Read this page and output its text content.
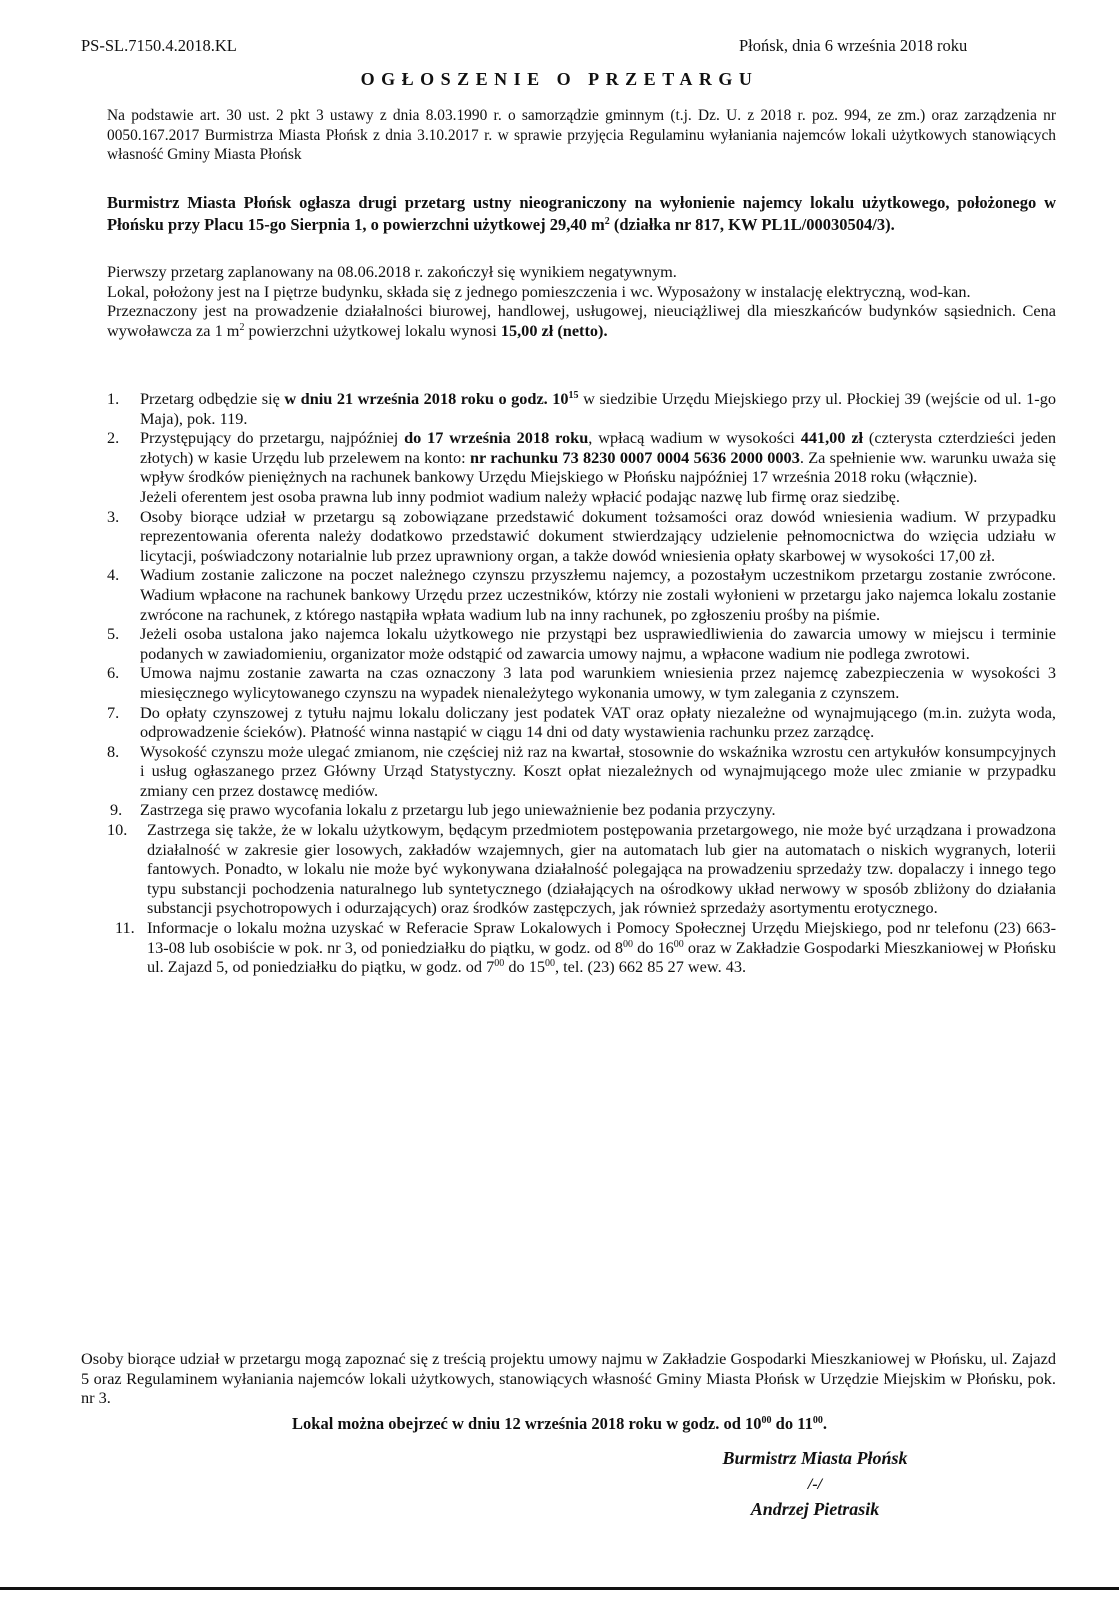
PS-SL.7150.4.2018.KL	Płońsk, dnia 6 września 2018 roku
OGŁOSZENIE O PRZETARGU
Na podstawie art. 30 ust. 2 pkt 3 ustawy z dnia 8.03.1990 r. o samorządzie gminnym (t.j. Dz. U. z 2018 r. poz. 994, ze zm.) oraz zarządzenia nr 0050.167.2017 Burmistrza Miasta Płońsk z dnia 3.10.2017 r. w sprawie przyjęcia Regulaminu wyłaniania najemców lokali użytkowych stanowiących własność Gminy Miasta Płońsk
Burmistrz Miasta Płońsk ogłasza drugi przetarg ustny nieograniczony na wyłonienie najemcy lokalu użytkowego, położonego w Płońsku przy Placu 15-go Sierpnia 1, o powierzchni użytkowej 29,40 $m^2$ (działka nr 817, KW PL1L/00030504/3).

Pierwszy przetarg zaplanowany na 08.06.2018 r. zakończył się wynikiem negatywnym.

Lokal, położony jest na I piętrze budynku, składa się z jednego pomieszczenia i wc. Wyposażony w instalację elektryczną, wod-kan.

Przeznaczony jest na prowadzenie działalności biurowej, handlowej, usługowej, nieuciążliwej dla mieszkańców budynków sąsiednich. Cena wywoławcza za 1 $m^2$ powierzchni użytkowej lokalu wynosi 15,00 zł (netto).

1. Przetarg odbędzie się w dniu 21 września 2018 roku o godz. $10^{15}$ w siedzibie Urzędu Miejskiego przy ul. Płockiej 39 (wejście od ul. 1-go Maja), pok. 119.
2. Przystępujący do przetargu, najpóźniej do 17 września 2018 roku, wpłacą wadium w wysokości 441,00 zł (czterysta czterdzieści jeden złotych) w kasie Urzędu lub przelewem na konto: nr rachunku 73 8230 0007 0004 5636 2000 0003. Za spełnienie ww. warunku uważa się wpływ środków pieniężnych na rachunek bankowy Urzędu Miejskiego w Płońsku najpóźniej 17 września 2018 roku (włącznie).
Jeżeli oferentem jest osoba prawna lub inny podmiot wadium należy wpłacić podając nazwę lub firmę oraz siedzibę.
3. Osoby biorące udział w przetargu są zobowiązane przedstawić dokument tożsamości oraz dowód wniesienia wadium. W przypadku reprezentowania oferenta należy dodatkowo przedstawić dokument stwierdzający udzielenie pełnomocnictwa do wzięcia udziału w licytacji, poświadczony notarialnie lub przez uprawniony organ, a także dowód wniesienia opłaty skarbowej w wysokości 17,00 zł.
4. Wadium zostanie zaliczone na poczet należnego czynszu przyszłemu najemcy, a pozostałym uczestnikom przetargu zostanie zwrócone. Wadium wpłacone na rachunek bankowy Urzędu przez uczestników, którzy nie zostali wyłonieni w przetargu jako najemca lokalu zostanie zwrócone na rachunek, z którego nastąpiła wpłata wadium lub na inny rachunek, po zgłoszeniu prośby na piśmie.
5. Jeżeli osoba ustalona jako najemca lokalu użytkowego nie przystąpi bez usprawiedliwienia do zawarcia umowy w miejscu i terminie podanych w zawiadomieniu, organizator może odstąpić od zawarcia umowy najmu, a wpłacone wadium nie podlega zwrotowi.
6. Umowa najmu zostanie zawarta na czas oznaczony 3 lata pod warunkiem wniesienia przez najemcę zabezpieczenia w wysokości 3 miesięcznego wylicytowanego czynszu na wypadek nienależytego wykonania umowy, w tym zalegania z czynszem.
7. Do opłaty czynszowej z tytułu najmu lokalu doliczany jest podatek VAT oraz opłaty niezależne od wynajmującego (m.in. zużyta woda, odprowadzenie ścieków). Płatność winna nastąpić w ciągu 14 dni od daty wystawienia rachunku przez zarządcę.
8. Wysokość czynszu może ulegać zmianom, nie częściej niż raz na kwartał, stosownie do wskaźnika wzrostu cen artykułów konsumpcyjnych i usług ogłaszanego przez Główny Urząd Statystyczny. Koszt opłat niezależnych od wynajmującego może ulec zmianie w przypadku zmiany cen przez dostawcę mediów.
9. Zastrzega się prawo wycofania lokalu z przetargu lub jego unieważnienie bez podania przyczyny.
10. Zastrzega się także, że w lokalu użytkowym, będącym przedmiotem postępowania przetargowego, nie może być urządzana i prowadzona działalność w zakresie gier losowych, zakładów wzajemnych, gier na automatach lub gier na automatach o niskich wygranych, loterii fantowych. Ponadto, w lokalu nie może być wykonywana działalność polegająca na prowadzeniu sprzedaży tzw. dopalaczy i innego tego typu substancji pochodzenia naturalnego lub syntetycznego (działających na ośrodkowy układ nerwowy w sposób zbliżony do działania substancji psychotropowych i odurzających) oraz środków zastępczych, jak również sprzedaży asortymentu erotycznego.
11. Informacje o lokalu można uzyskać w Referacie Spraw Lokalowych i Pomocy Społecznej Urzędu Miejskiego, pod nr telefonu (23) 663-13-08 lub osobiście w pok. nr 3, od poniedziałku do piątku, w godz. od $8^{00}$ do $16^{00}$ oraz w Zakładzie Gospodarki Mieszkaniowej w Płońsku ul. Zajazd 5, od poniedziałku do piątku, w godz. od $7^{00}$ do $15^{00}$, tel. (23) 662 85 27 wew. 43.
Osoby biorące udział w przetargu mogą zapoznać się z treścią projektu umowy najmu w Zakładzie Gospodarki Mieszkaniowej w Płońsku, ul. Zajazd 5 oraz Regulaminem wyłaniania najemców lokali użytkowych, stanowiących własność Gminy Miasta Płońsk w Urzędzie Miejskim w Płońsku, pok. nr 3.
Lokal można obejrzeć w dniu 12 września 2018 roku w godz. od $10^{00}$ do $11^{00}$.
Burmistrz Miasta Płońsk
/-/
Andrzej Pietrasik
